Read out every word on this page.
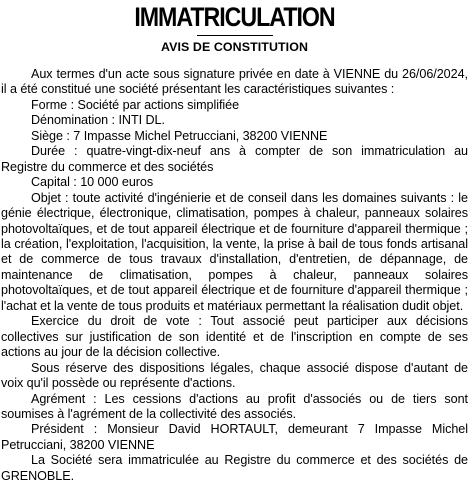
IMMATRICULATION
AVIS DE CONSTITUTION

Aux termes d'un acte sous signature privée en date à VIENNE du 26/06/2024, il a été constitué une société présentant les caractéristiques suivantes :

Forme : Société par actions simplifiée

Dénomination : INTI DL.

Siège : 7 Impasse Michel Petrucciani, 38200 VIENNE

Durée : quatre-vingt-dix-neuf ans à compter de son immatriculation au Registre du commerce et des sociétés

Capital : 10 000 euros

Objet : toute activité d'ingénierie et de conseil dans les domaines suivants : le génie électrique, électronique, climatisation, pompes à chaleur, panneaux solaires photovoltaïques, et de tout appareil électrique et de fourniture d'appareil thermique ; la création, l'exploitation, l'acquisition, la vente, la prise à bail de tous fonds artisanal et de commerce de tous travaux d'installation, d'entretien, de dépannage, de maintenance de climatisation, pompes à chaleur, panneaux solaires photovoltaïques, et de tout appareil électrique et de fourniture d'appareil thermique ; l'achat et la vente de tous produits et matériaux permettant la réalisation dudit objet.

Exercice du droit de vote : Tout associé peut participer aux décisions collectives sur justification de son identité et de l'inscription en compte de ses actions au jour de la décision collective.

Sous réserve des dispositions légales, chaque associé dispose d'autant de voix qu'il possède ou représente d'actions.

Agrément : Les cessions d'actions au profit d'associés ou de tiers sont soumises à l'agrément de la collectivité des associés.

Président : Monsieur David HORTAULT, demeurant 7 Impasse Michel Petrucciani, 38200 VIENNE

La Société sera immatriculée au Registre du commerce et des sociétés de GRENOBLE.
